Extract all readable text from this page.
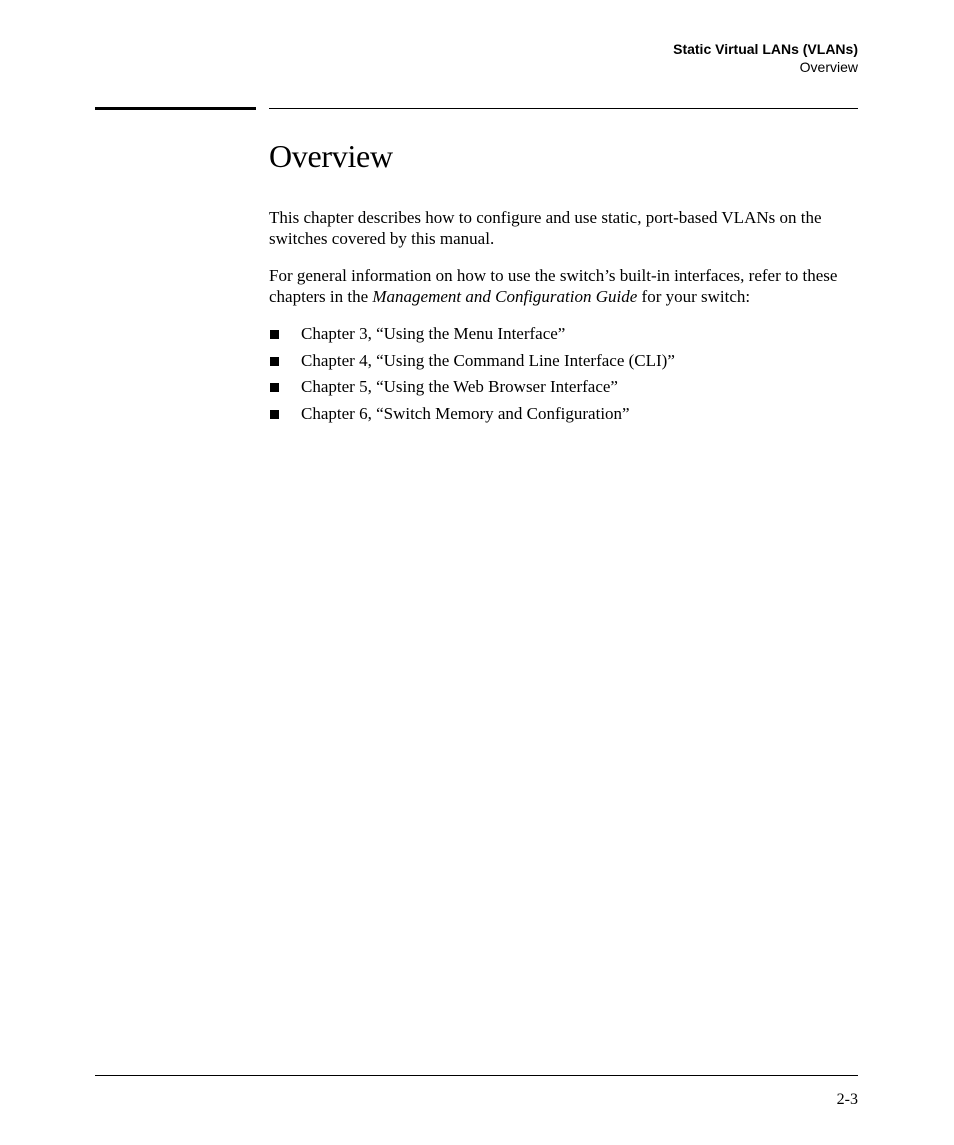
Static Virtual LANs (VLANs)
Overview
Overview

This chapter describes how to configure and use static, port-based VLANs on the switches covered by this manual.

For general information on how to use the switch’s built-in interfaces, refer to these chapters in the Management and Configuration Guide for your switch:

Chapter 3, “Using the Menu Interface”
Chapter 4, “Using the Command Line Interface (CLI)”
Chapter 5, “Using the Web Browser Interface”
Chapter 6, “Switch Memory and Configuration”
2-3
